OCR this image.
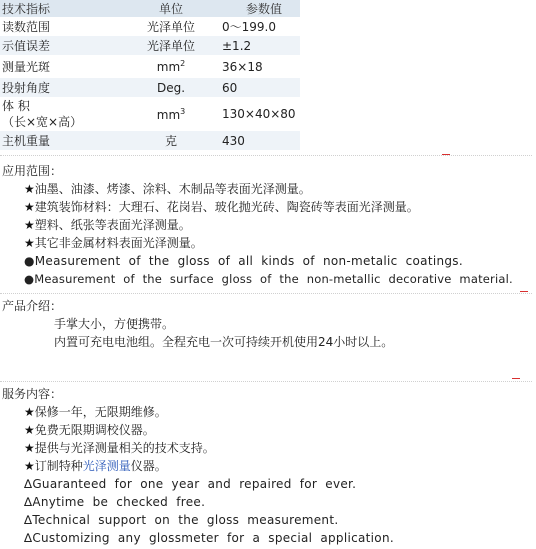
技术指标	单位	参数值
读数范围	光泽单位	0～199.0
示值误差	光泽单位	±1.2
测量光斑	$mm^2$	36×18
投射角度	Deg.	60

体 积
（长×宽×高）	$mm^3$	130×40×80
主机重量	克	430
应用范围：
★油墨、油漆、烤漆、涂料、木制品等表面光泽测量。
★建筑装饰材料：大理石、花岗岩、玻化抛光砖、陶瓷砖等表面光泽测量。
★塑料、纸张等表面光泽测量。
★其它非金属材料表面光泽测量。
●Measurement of the gloss of all kinds of non-metalic coatings.
●Measurement of the surface gloss of the non-metallic decorative material.
产品介绍：
手掌大小，方便携带。
内置可充电电池组。全程充电一次可持续开机使用24小时以上。
服务内容：
★保修一年，无限期维修。
★免费无限期调校仪器。
★提供与光泽测量相关的技术支持。
★订制特种光泽测量仪器。
∆Guaranteed for one year and repaired for ever.
∆Anytime be checked free.
∆Technical support on the gloss measurement.
∆Customizing any glossmeter for a special application.
